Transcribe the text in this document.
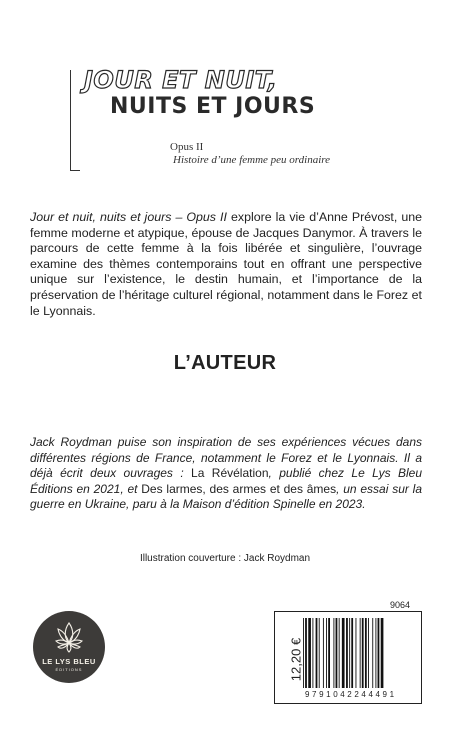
JOUR ET NUIT,
NUITS ET JOURS
Opus II
Histoire d’une femme peu ordinaire

Jour et nuit, nuits et jours – Opus II explore la vie d’Anne Prévost, une femme moderne et atypique, épouse de Jacques Danymor. À travers le parcours de cette femme à la fois libérée et singulière, l’ouvrage examine des thèmes contemporains tout en offrant une perspective unique sur l’existence, le destin humain, et l’importance de la préservation de l’héritage culturel régional, notamment dans le Forez et le Lyonnais.

L’AUTEUR

Jack Roydman puise son inspiration de ses expériences vécues dans différentes régions de France, notamment le Forez et le Lyonnais. Il a déjà écrit deux ouvrages : La Révélation, publié chez Le Lys Bleu Éditions en 2021, et Des larmes, des armes et des âmes, un essai sur la guerre en Ukraine, paru à la Maison d’édition Spinelle en 2023.

Illustration couverture : Jack Roydman
LE LYS BLEU
ÉDITIONS
9064
12,20 €
9791042244491
